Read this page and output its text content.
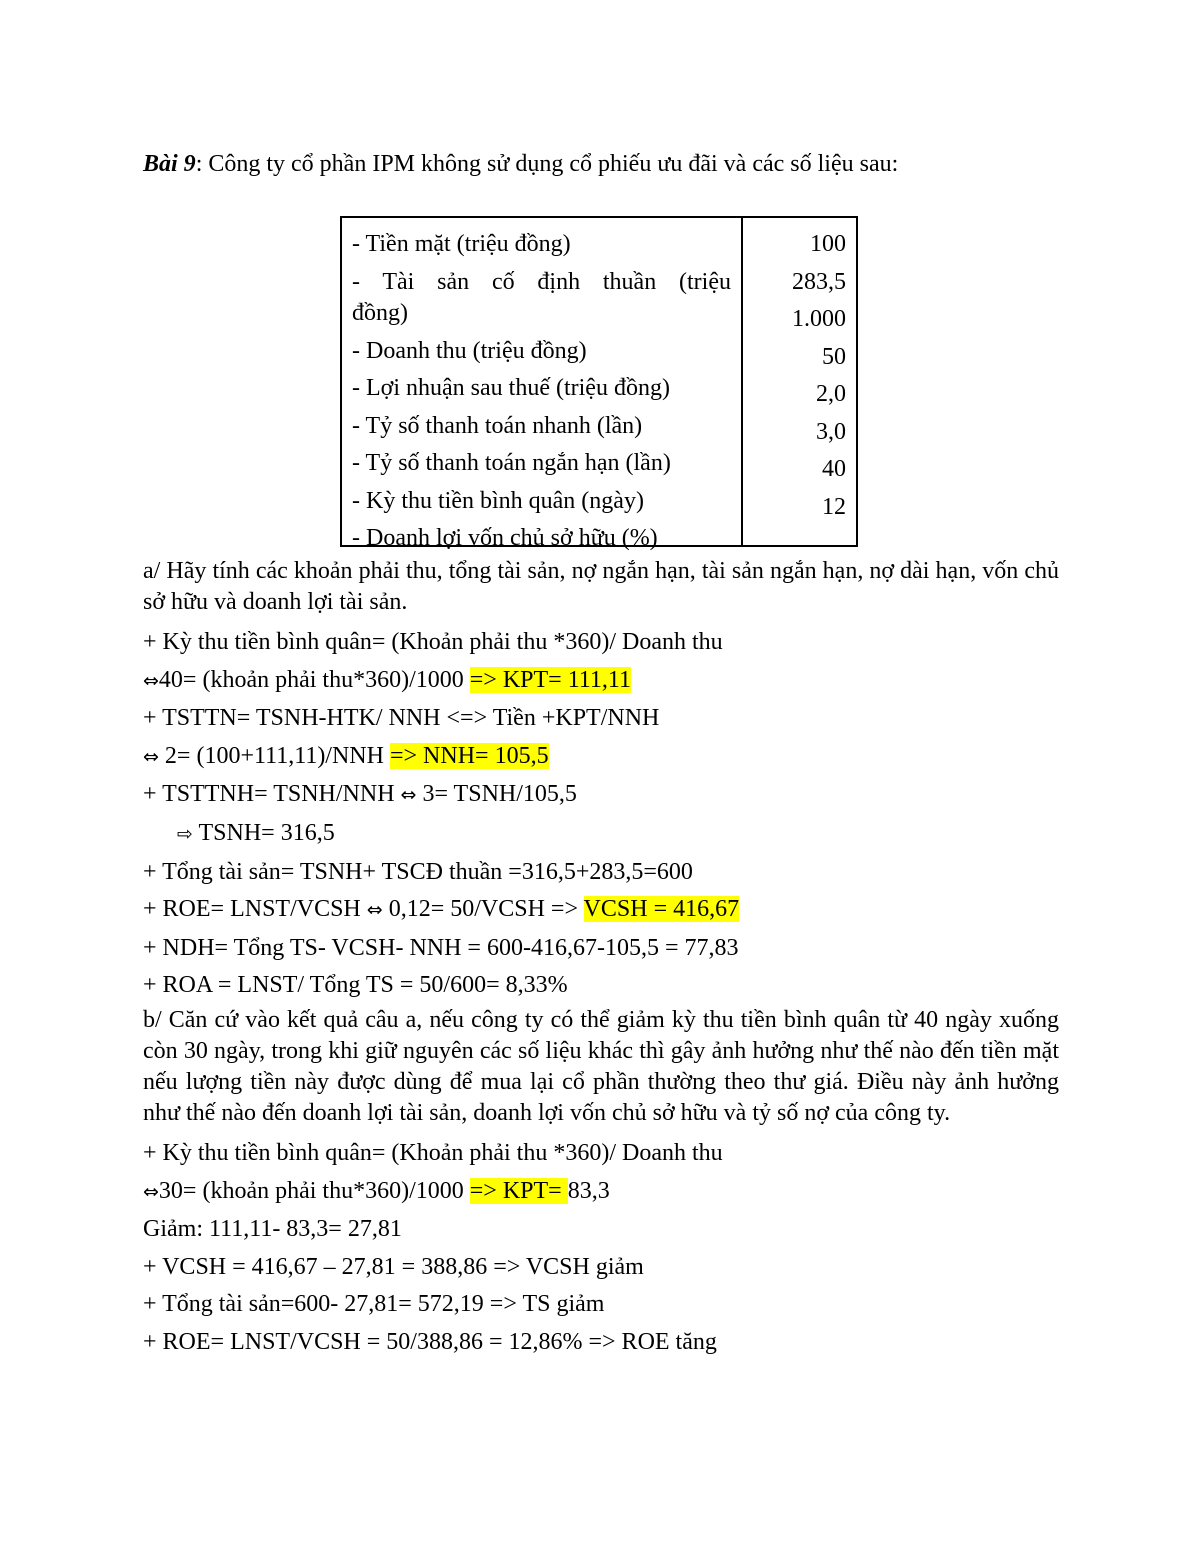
Bài 9: Công ty cổ phần IPM không sử dụng cổ phiếu ưu đãi và các số liệu sau:
- Tiền mặt (triệu đồng)
- Tài sản cố định thuần (triệu
đồng)
- Doanh thu (triệu đồng)
- Lợi nhuận sau thuế (triệu đồng)
- Tỷ số thanh toán nhanh (lần)
- Tỷ số thanh toán ngắn hạn (lần)
- Kỳ thu tiền bình quân (ngày)
- Doanh lợi vốn chủ sở hữu (%)
100
283,5
1.000
50
2,0
3,0
40
12
a/ Hãy tính các khoản phải thu, tổng tài sản, nợ ngắn hạn, tài sản ngắn hạn, nợ dài hạn, vốn chủ sở hữu và doanh lợi tài sản.
+ Kỳ thu tiền bình quân= (Khoản phải thu *360)/ Doanh thu
⇔40= (khoản phải thu*360)/1000 => KPT= 111,11
+ TSTTN= TSNH-HTK/ NNH <=> Tiền +KPT/NNH
⇔ 2= (100+111,11)/NNH => NNH= 105,5
+ TSTTNH= TSNH/NNH ⇔ 3= TSNH/105,5
⇨ TSNH= 316,5
+ Tổng tài sản= TSNH+ TSCĐ thuần =316,5+283,5=600
+ ROE= LNST/VCSH ⇔ 0,12= 50/VCSH => VCSH = 416,67
+ NDH= Tổng TS- VCSH- NNH = 600-416,67-105,5 = 77,83
+ ROA = LNST/ Tổng TS = 50/600= 8,33%
b/ Căn cứ vào kết quả câu a, nếu công ty có thể giảm kỳ thu tiền bình quân từ 40 ngày xuống còn 30 ngày, trong khi giữ nguyên các số liệu khác thì gây ảnh hưởng như thế nào đến tiền mặt nếu lượng tiền này được dùng để mua lại cổ phần thường theo thư giá. Điều này ảnh hưởng như thế nào đến doanh lợi tài sản, doanh lợi vốn chủ sở hữu và tỷ số nợ của công ty.
+ Kỳ thu tiền bình quân= (Khoản phải thu *360)/ Doanh thu
⇔30= (khoản phải thu*360)/1000 => KPT= 83,3
Giảm: 111,11- 83,3= 27,81
+ VCSH = 416,67 – 27,81 = 388,86 => VCSH giảm
+ Tổng tài sản=600- 27,81= 572,19 => TS giảm
+ ROE= LNST/VCSH = 50/388,86 = 12,86% => ROE tăng
